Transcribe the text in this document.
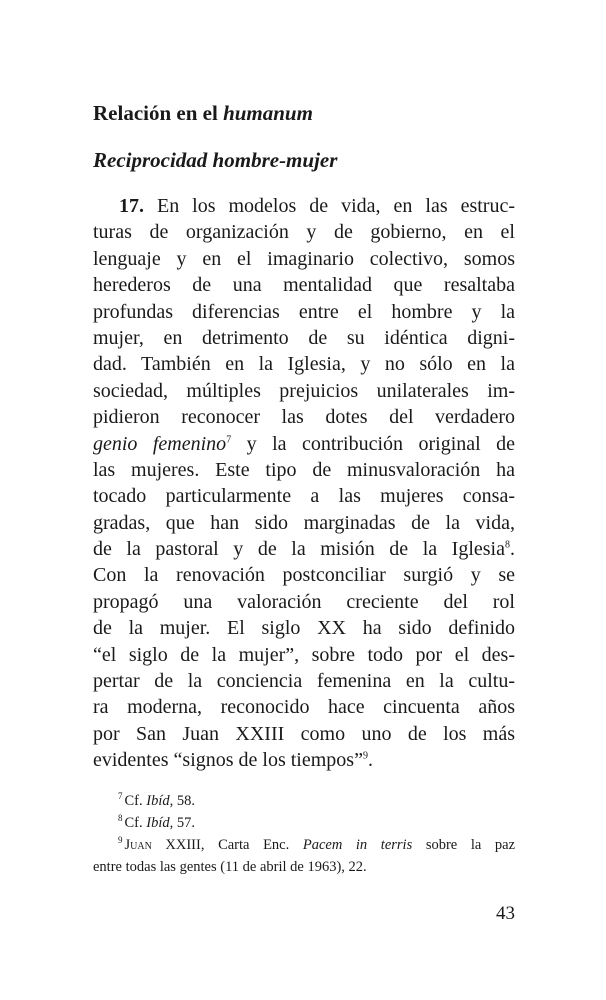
Relación en el humanum
Reciprocidad hombre-mujer
17. En los modelos de vida, en las estruc-
turas de organización y de gobierno, en el
lenguaje y en el imaginario colectivo, somos
herederos de una mentalidad que resaltaba
profundas diferencias entre el hombre y la
mujer, en detrimento de su idéntica digni-
dad. También en la Iglesia, y no sólo en la
sociedad, múltiples prejuicios unilaterales im-
pidieron reconocer las dotes del verdadero
genio femenino$^7$ y la contribución original de
las mujeres. Este tipo de minusvaloración ha
tocado particularmente a las mujeres consa-
gradas, que han sido marginadas de la vida,
de la pastoral y de la misión de la Iglesia$^8$.
Con la renovación postconciliar surgió y se
propagó una valoración creciente del rol
de la mujer. El siglo XX ha sido definido
“el siglo de la mujer”, sobre todo por el des-
pertar de la conciencia femenina en la cultu-
ra moderna, reconocido hace cincuenta años
por San Juan XXIII como uno de los más
evidentes “signos de los tiempos”$^9$.
$^7$ Cf. Ibíd, 58.
$^8$ Cf. Ibíd, 57.
$^9$ Juan XXIII, Carta Enc. Pacem in terris sobre la paz
entre todas las gentes (11 de abril de 1963), 22.
43
